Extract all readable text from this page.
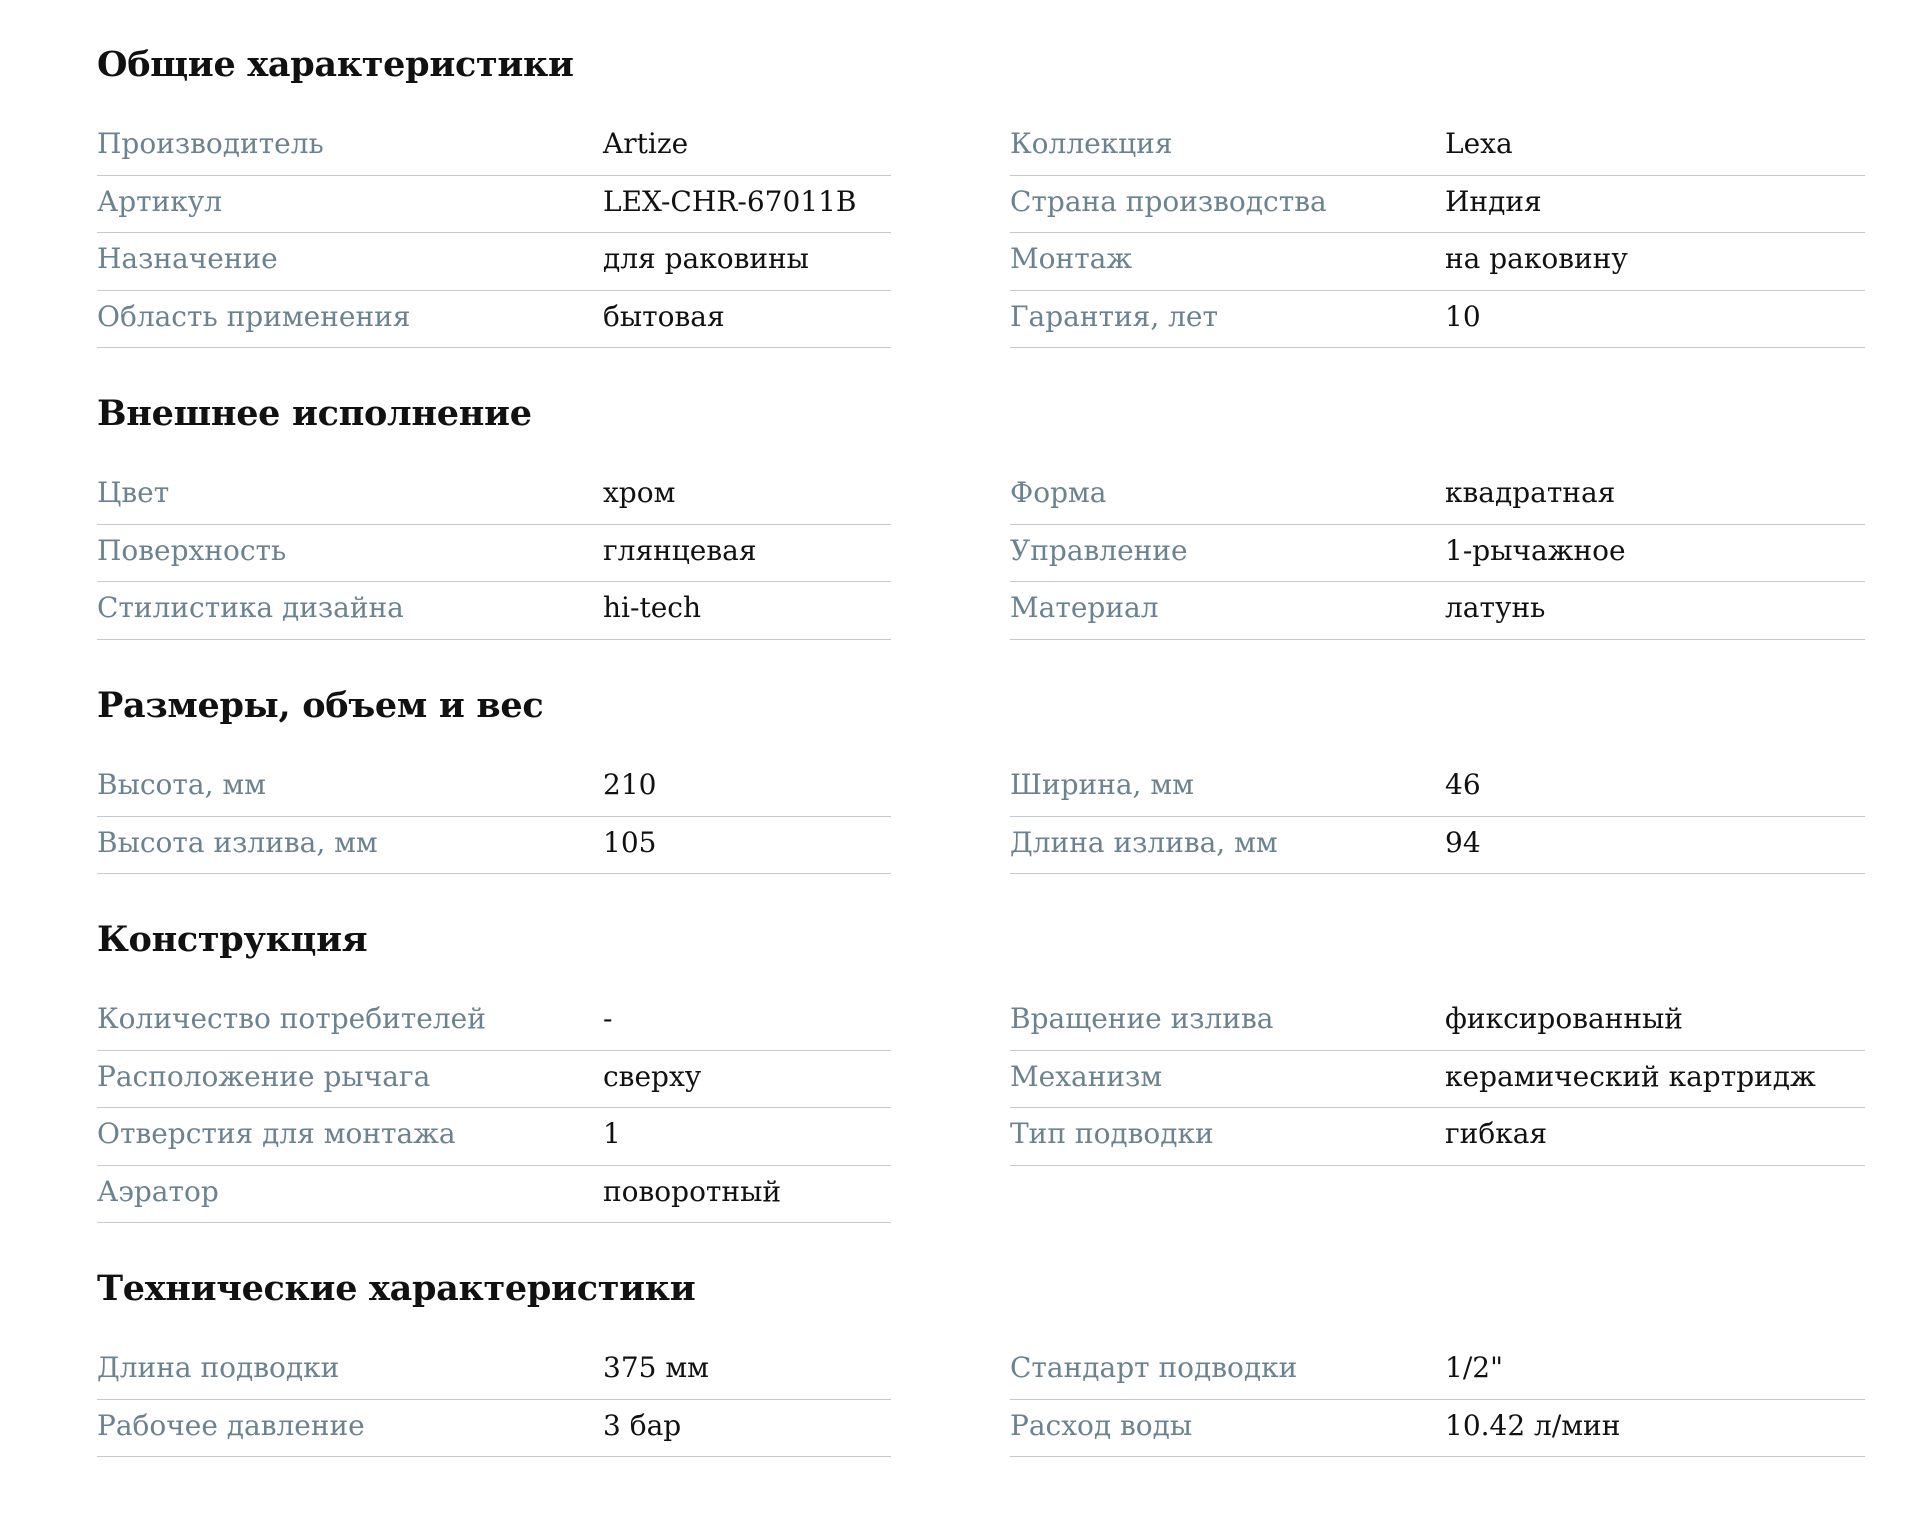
Общие характеристики
Производитель	Artize
Артикул	LEX-CHR-67011B
Назначение	для раковины
Область применения	бытовая
Коллекция	Lexa
Страна производства	Индия
Монтаж	на раковину
Гарантия, лет	10
Внешнее исполнение
Цвет	хром
Поверхность	глянцевая
Стилистика дизайна	hi-tech
Форма	квадратная
Управление	1-рычажное
Материал	латунь
Размеры, объем и вес
Высота, мм	210
Высота излива, мм	105
Ширина, мм	46
Длина излива, мм	94
Конструкция
Количество потребителей	-
Расположение рычага	сверху
Отверстия для монтажа	1
Аэратор	поворотный
Вращение излива	фиксированный
Механизм	керамический картридж
Тип подводки	гибкая
Технические характеристики
Длина подводки	375 мм
Рабочее давление	3 бар
Стандарт подводки	1/2"
Расход воды	10.42 л/мин
